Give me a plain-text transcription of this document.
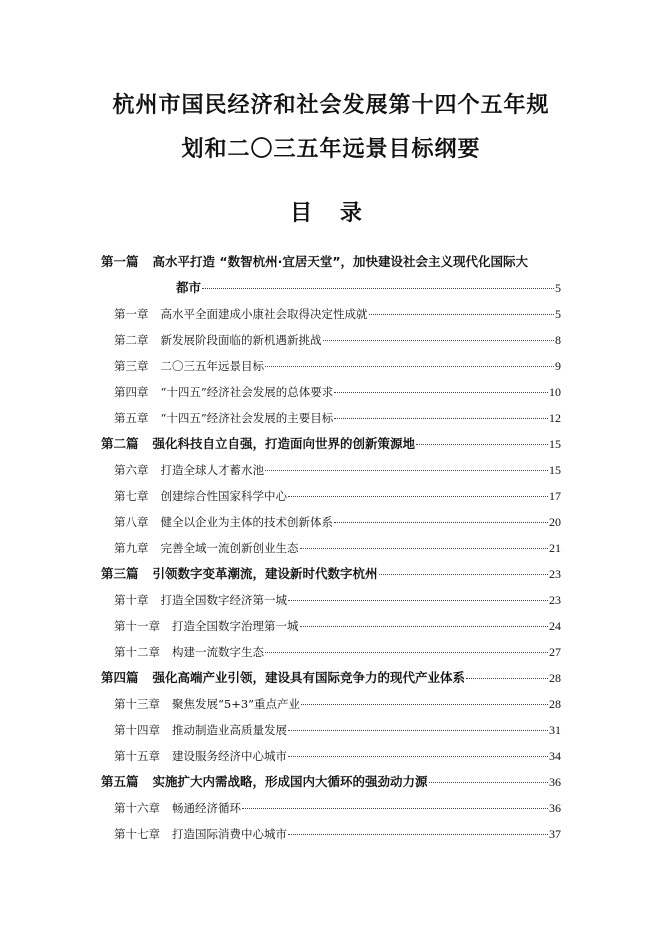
杭州市国民经济和社会发展第十四个五年规
划和二〇三五年远景目标纲要
目 录
第一篇 高水平打造 “数智杭州·宜居天堂”，加快建设社会主义现代化国际大
都市	5
第一章 高水平全面建成小康社会取得决定性成就	5
第二章 新发展阶段面临的新机遇新挑战	8
第三章 二〇三五年远景目标	9
第四章 “十四五”经济社会发展的总体要求	10
第五章 “十四五”经济社会发展的主要目标	12
第二篇 强化科技自立自强，打造面向世界的创新策源地	15
第六章 打造全球人才蓄水池	15
第七章 创建综合性国家科学中心	17
第八章 健全以企业为主体的技术创新体系	20
第九章 完善全域一流创新创业生态	21
第三篇 引领数字变革潮流，建设新时代数字杭州	23
第十章 打造全国数字经济第一城	23
第十一章 打造全国数字治理第一城	24
第十二章 构建一流数字生态	27
第四篇 强化高端产业引领，建设具有国际竞争力的现代产业体系	28
第十三章 聚焦发展“5+3”重点产业	28
第十四章 推动制造业高质量发展	31
第十五章 建设服务经济中心城市	34
第五篇 实施扩大内需战略，形成国内大循环的强劲动力源	36
第十六章 畅通经济循环	36
第十七章 打造国际消费中心城市	37
